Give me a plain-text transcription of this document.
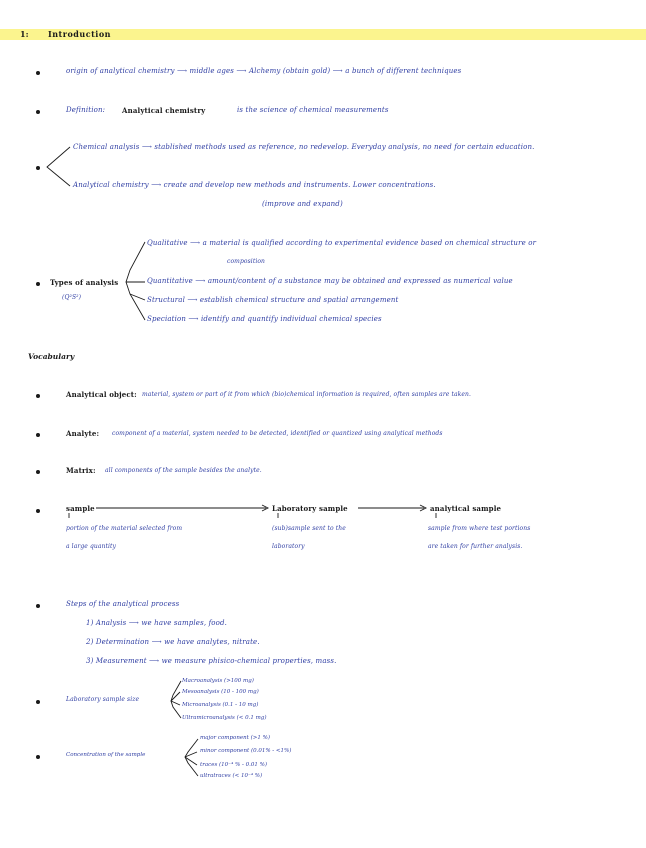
1: Introduction
origin of analytical chemistry ⟶ middle ages ⟶ Alchemy (obtain gold) ⟶ a bunch of different techniques
Definition: Analytical chemistry	is the science of chemical measurements
Chemical analysis ⟶ stablished methods used as reference, no redevelop. Everyday analysis, no need for certain education.
Analytical chemistry ⟶ create and develop new methods and instruments. Lower concentrations.
(improve and expand)
Types of analysis
(Q²S²)
Qualitative ⟶ a material is qualified according to experimental evidence based on chemical structure or
composition
Quantitative ⟶ amount/content of a substance may be obtained and expressed as numerical value
Structural ⟶ establish chemical structure and spatial arrangement
Speciation ⟶ identify and quantify individual chemical species
Vocabulary
Analytical object: material, system or part of it from which (bio)chemical information is required, often samples are taken.
Analyte: component of a material, system needed to be detected, identified or quantized using analytical methods
Matrix: all components of the sample besides the analyte.
sample	Laboratory sample	analytical sample
portion of the material selected from
a large quantity
(sub)sample sent to the
laboratory
sample from where test portions
are taken for further analysis.
Steps of the analytical process
1) Analysis ⟶ we have samples, food.
2) Determination ⟶ we have analytes, nitrate.
3) Measurement ⟶ we measure phisico-chemical properties, mass.
Laboratory sample size
Macroanalysis (>100 mg)
Mesoanalysis (10 - 100 mg)
Microanalysis (0.1 - 10 mg)
Ultramicroanalysis (< 0.1 mg)
Concentration of the sample
major component (>1 %)
minor component (0.01% - <1%)
traces (10⁻⁴ % - 0.01 %)
ultratraces (< 10⁻⁴ %)
